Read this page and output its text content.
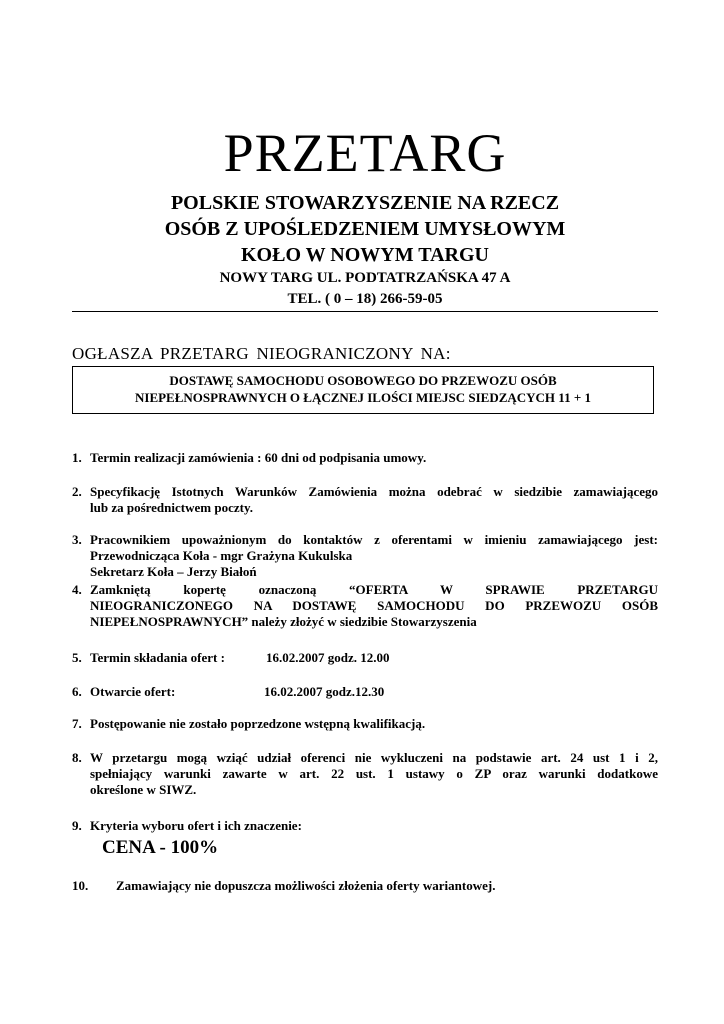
PRZETARG

POLSKIE STOWARZYSZENIE NA RZECZ

OSÓB Z UPOŚLEDZENIEM UMYSŁOWYM

KOŁO W NOWYM TARGU

NOWY TARG UL. PODTATRZAŃSKA 47 A

TEL. ( 0 – 18) 266-59-05

OGŁASZA PRZETARG NIEOGRANICZONY NA:
DOSTAWĘ SAMOCHODU OSOBOWEGO DO PRZEWOZU OSÓB
NIEPEŁNOSPRAWNYCH O ŁĄCZNEJ ILOŚCI MIEJSC SIEDZĄCYCH 11 + 1
1. Termin realizacji zamówienia : 60 dni od podpisania umowy.
2. Specyfikację Istotnych Warunków Zamówienia można odebrać w siedzibie zamawiającego
lub za pośrednictwem poczty.
3. Pracownikiem upoważnionym do kontaktów z oferentami w imieniu zamawiającego jest:
Przewodnicząca Koła - mgr Grażyna Kukulska
Sekretarz Koła – Jerzy Białoń
4. Zamkniętą kopertę oznaczoną “OFERTA W SPRAWIE PRZETARGU
NIEOGRANICZONEGO NA DOSTAWĘ SAMOCHODU DO PRZEWOZU OSÓB
NIEPEŁNOSPRAWNYCH” należy złożyć w siedzibie Stowarzyszenia
5. Termin składania ofert :	16.02.2007 godz. 12.00
6. Otwarcie ofert:	16.02.2007 godz.12.30
7. Postępowanie nie zostało poprzedzone wstępną kwalifikacją.
8. W przetargu mogą wziąć udział oferenci nie wykluczeni na podstawie art. 24 ust 1 i 2,
spełniający warunki zawarte w art. 22 ust. 1 ustawy o ZP oraz warunki dodatkowe
określone w SIWZ.
9. Kryteria wyboru ofert i ich znaczenie:
CENA - 100%
10. Zamawiający nie dopuszcza możliwości złożenia oferty wariantowej.
